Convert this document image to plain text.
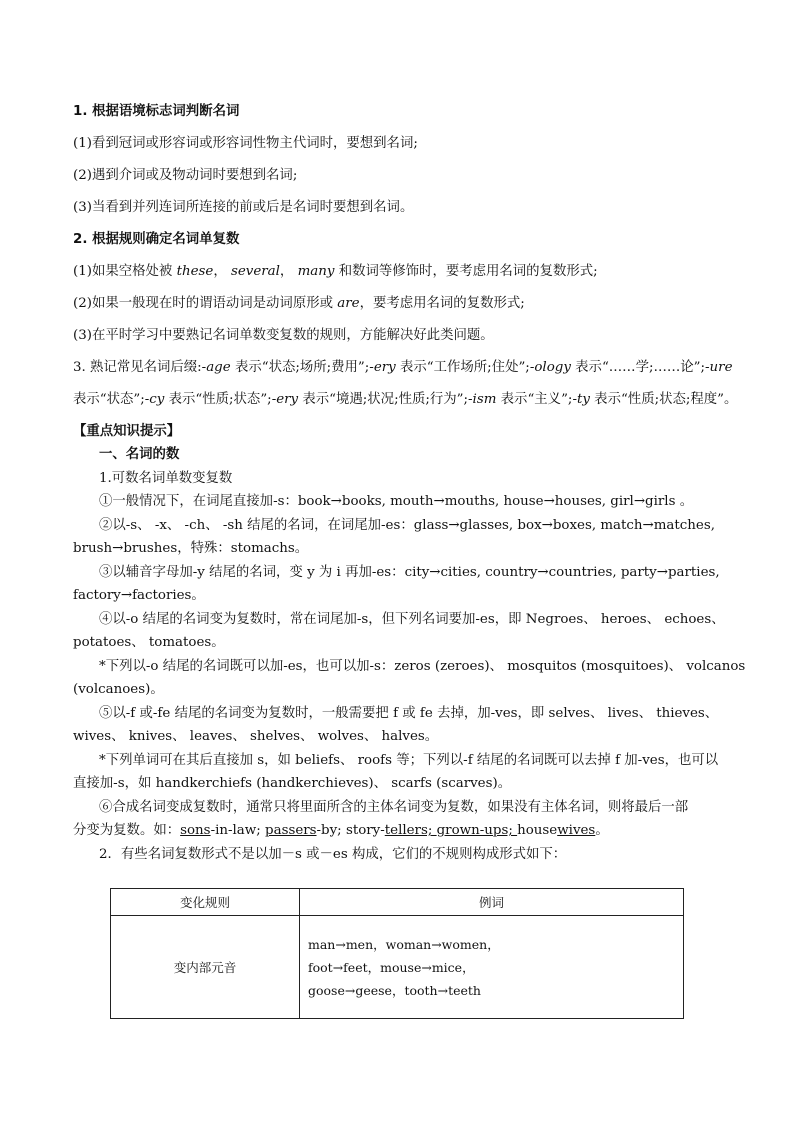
1. 根据语境标志词判断名词
(1)看到冠词或形容词或形容词性物主代词时，要想到名词;
(2)遇到介词或及物动词时要想到名词;
(3)当看到并列连词所连接的前或后是名词时要想到名词。
2. 根据规则确定名词单复数
(1)如果空格处被 these， several， many 和数词等修饰时，要考虑用名词的复数形式;
(2)如果一般现在时的谓语动词是动词原形或 are，要考虑用名词的复数形式;
(3)在平时学习中要熟记名词单数变复数的规则，方能解决好此类问题。
3. 熟记常见名词后缀:-age 表示“状态;场所;费用”;-ery 表示“工作场所;住处”;-ology 表示“……学;……论”;-ure
表示“状态”;-cy 表示“性质;状态”;-ery 表示“境遇;状况;性质;行为”;-ism 表示“主义”;-ty 表示“性质;状态;程度”。
【重点知识提示】
一、名词的数
1.可数名词单数变复数
①一般情况下，在词尾直接加-s：book→books, mouth→mouths, house→houses, girl→girls 。
②以-s、 -x、 -ch、 -sh 结尾的名词，在词尾加-es：glass→glasses, box→boxes, match→matches,
brush→brushes，特殊：stomachs。
③以辅音字母加-y 结尾的名词，变 y 为 i 再加-es：city→cities, country→countries, party→parties,
factory→factories。
④以-o 结尾的名词变为复数时，常在词尾加-s，但下列名词要加-es，即 Negroes、 heroes、 echoes、
potatoes、 tomatoes。
*下列以-o 结尾的名词既可以加-es，也可以加-s：zeros (zeroes)、 mosquitos (mosquitoes)、 volcanos
(volcanoes)。
⑤以-f 或-fe 结尾的名词变为复数时，一般需要把 f 或 fe 去掉，加-ves，即 selves、 lives、 thieves、
wives、 knives、 leaves、 shelves、 wolves、 halves。
*下列单词可在其后直接加 s，如 beliefs、 roofs 等；下列以-f 结尾的名词既可以去掉 f 加-ves，也可以
直接加-s，如 handkerchiefs (handkerchieves)、 scarfs (scarves)。
⑥合成名词变成复数时，通常只将里面所含的主体名词变为复数，如果没有主体名词，则将最后一部
分变为复数。如：sons-in-law; passers-by; story-tellers; grown-ups; housewives。
2．有些名词复数形式不是以加－s 或－es 构成，它们的不规则构成形式如下：
变化规则	例词
变内部元音	man→men，woman→women，
foot→feet，mouse→mice，
goose→geese，tooth→teeth
